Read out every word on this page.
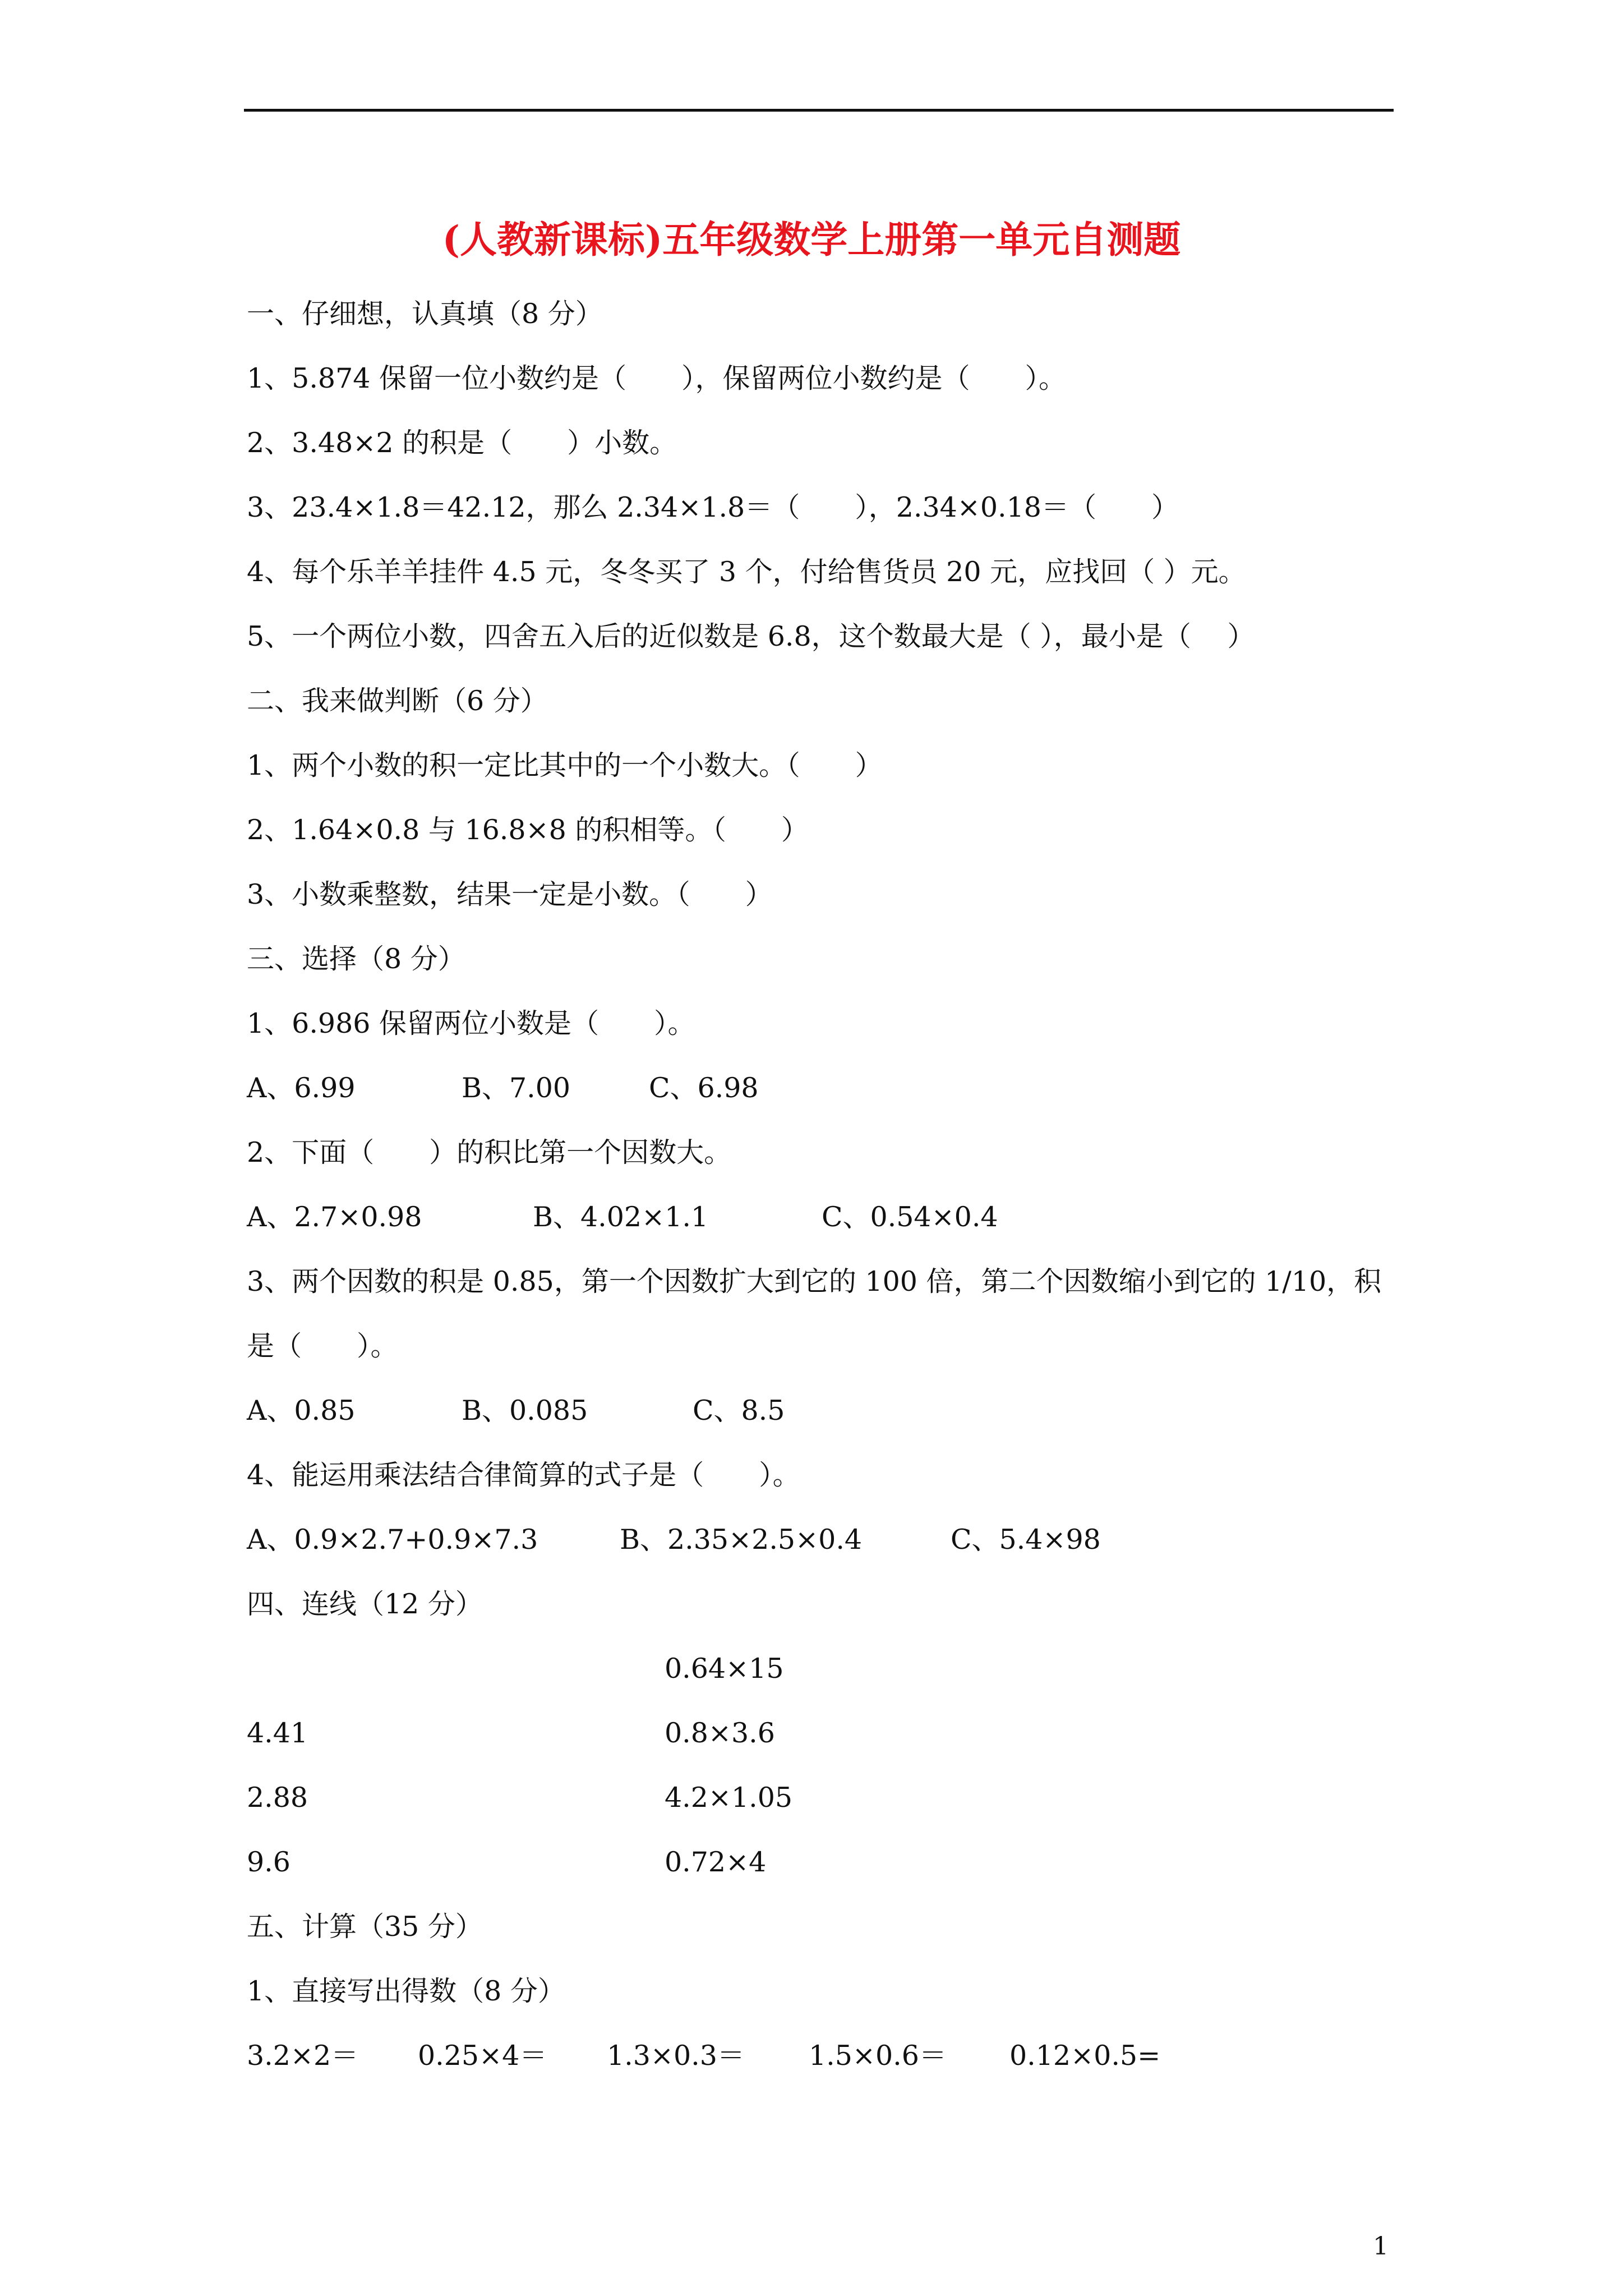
(人教新课标)五年级数学上册第一单元自测题
一、仔细想，认真填（8 分）
1、5.874 保留一位小数约是（　　），保留两位小数约是（　　）。
2、3.48×2 的积是（　　）小数。
3、23.4×1.8＝42.12，那么 2.34×1.8＝（　　），2.34×0.18＝（　　）
4、每个乐羊羊挂件 4.5 元，冬冬买了 3 个，付给售货员 20 元，应找回（ ）元。
5、一个两位小数，四舍五入后的近似数是 6.8，这个数最大是（ ），最小是（　 ）
二、我来做判断（6 分）
1、两个小数的积一定比其中的一个小数大。（　　）
2、1.64×0.8 与 16.8×8 的积相等。（　　）
3、小数乘整数，结果一定是小数。（　　）
三、选择（8 分）
1、6.986 保留两位小数是（　　）。
A、6.99	B、7.00	C、6.98
2、下面（　　）的积比第一个因数大。
A、2.7×0.98	B、4.02×1.1	C、0.54×0.4
3、两个因数的积是 0.85，第一个因数扩大到它的 100 倍，第二个因数缩小到它的 1/10，积
是（　　）。
A、0.85	B、0.085	C、8.5
4、能运用乘法结合律简算的式子是（　　）。
A、0.9×2.7+0.9×7.3	B、2.35×2.5×0.4	C、5.4×98
四、连线（12 分）
0.64×15
4.41	0.8×3.6
2.88	4.2×1.05
9.6	0.72×4
五、计算（35 分）
1、直接写出得数（8 分）
3.2×2＝ 0.25×4＝ 1.3×0.3＝ 1.5×0.6＝ 0.12×0.5=
1
